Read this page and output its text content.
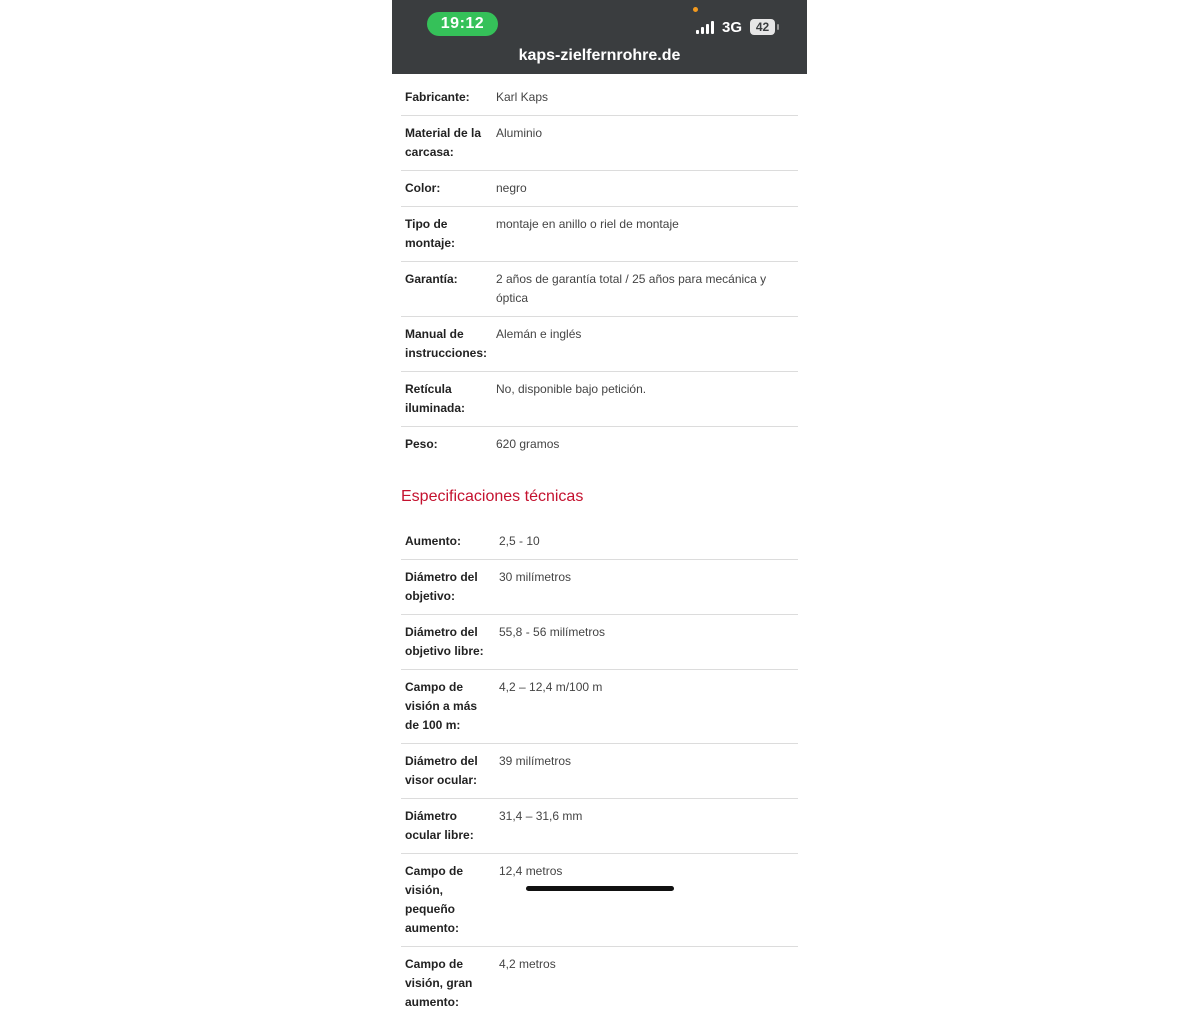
19:12	3G	42
kaps-zielfernrohre.de
Fabricante:	Karl Kaps
Material de la carcasa:	Aluminio
Color:	negro
Tipo de montaje:	montaje en anillo o riel de montaje
Garantía:	2 años de garantía total / 25 años para mecánica y óptica
Manual de instrucciones:	Alemán e inglés
Retícula iluminada:	No, disponible bajo petición.
Peso:	620 gramos
Especificaciones técnicas
Aumento:	2,5 - 10
Diámetro del objetivo:	30 milímetros
Diámetro del objetivo libre:	55,8 - 56 milímetros
Campo de visión a más de 100 m:	4,2 – 12,4 m/100 m
Diámetro del visor ocular:	39 milímetros
Diámetro ocular libre:	31,4 – 31,6 mm
Campo de visión, pequeño aumento:	12,4 metros
Campo de visión, gran aumento:	4,2 metros
